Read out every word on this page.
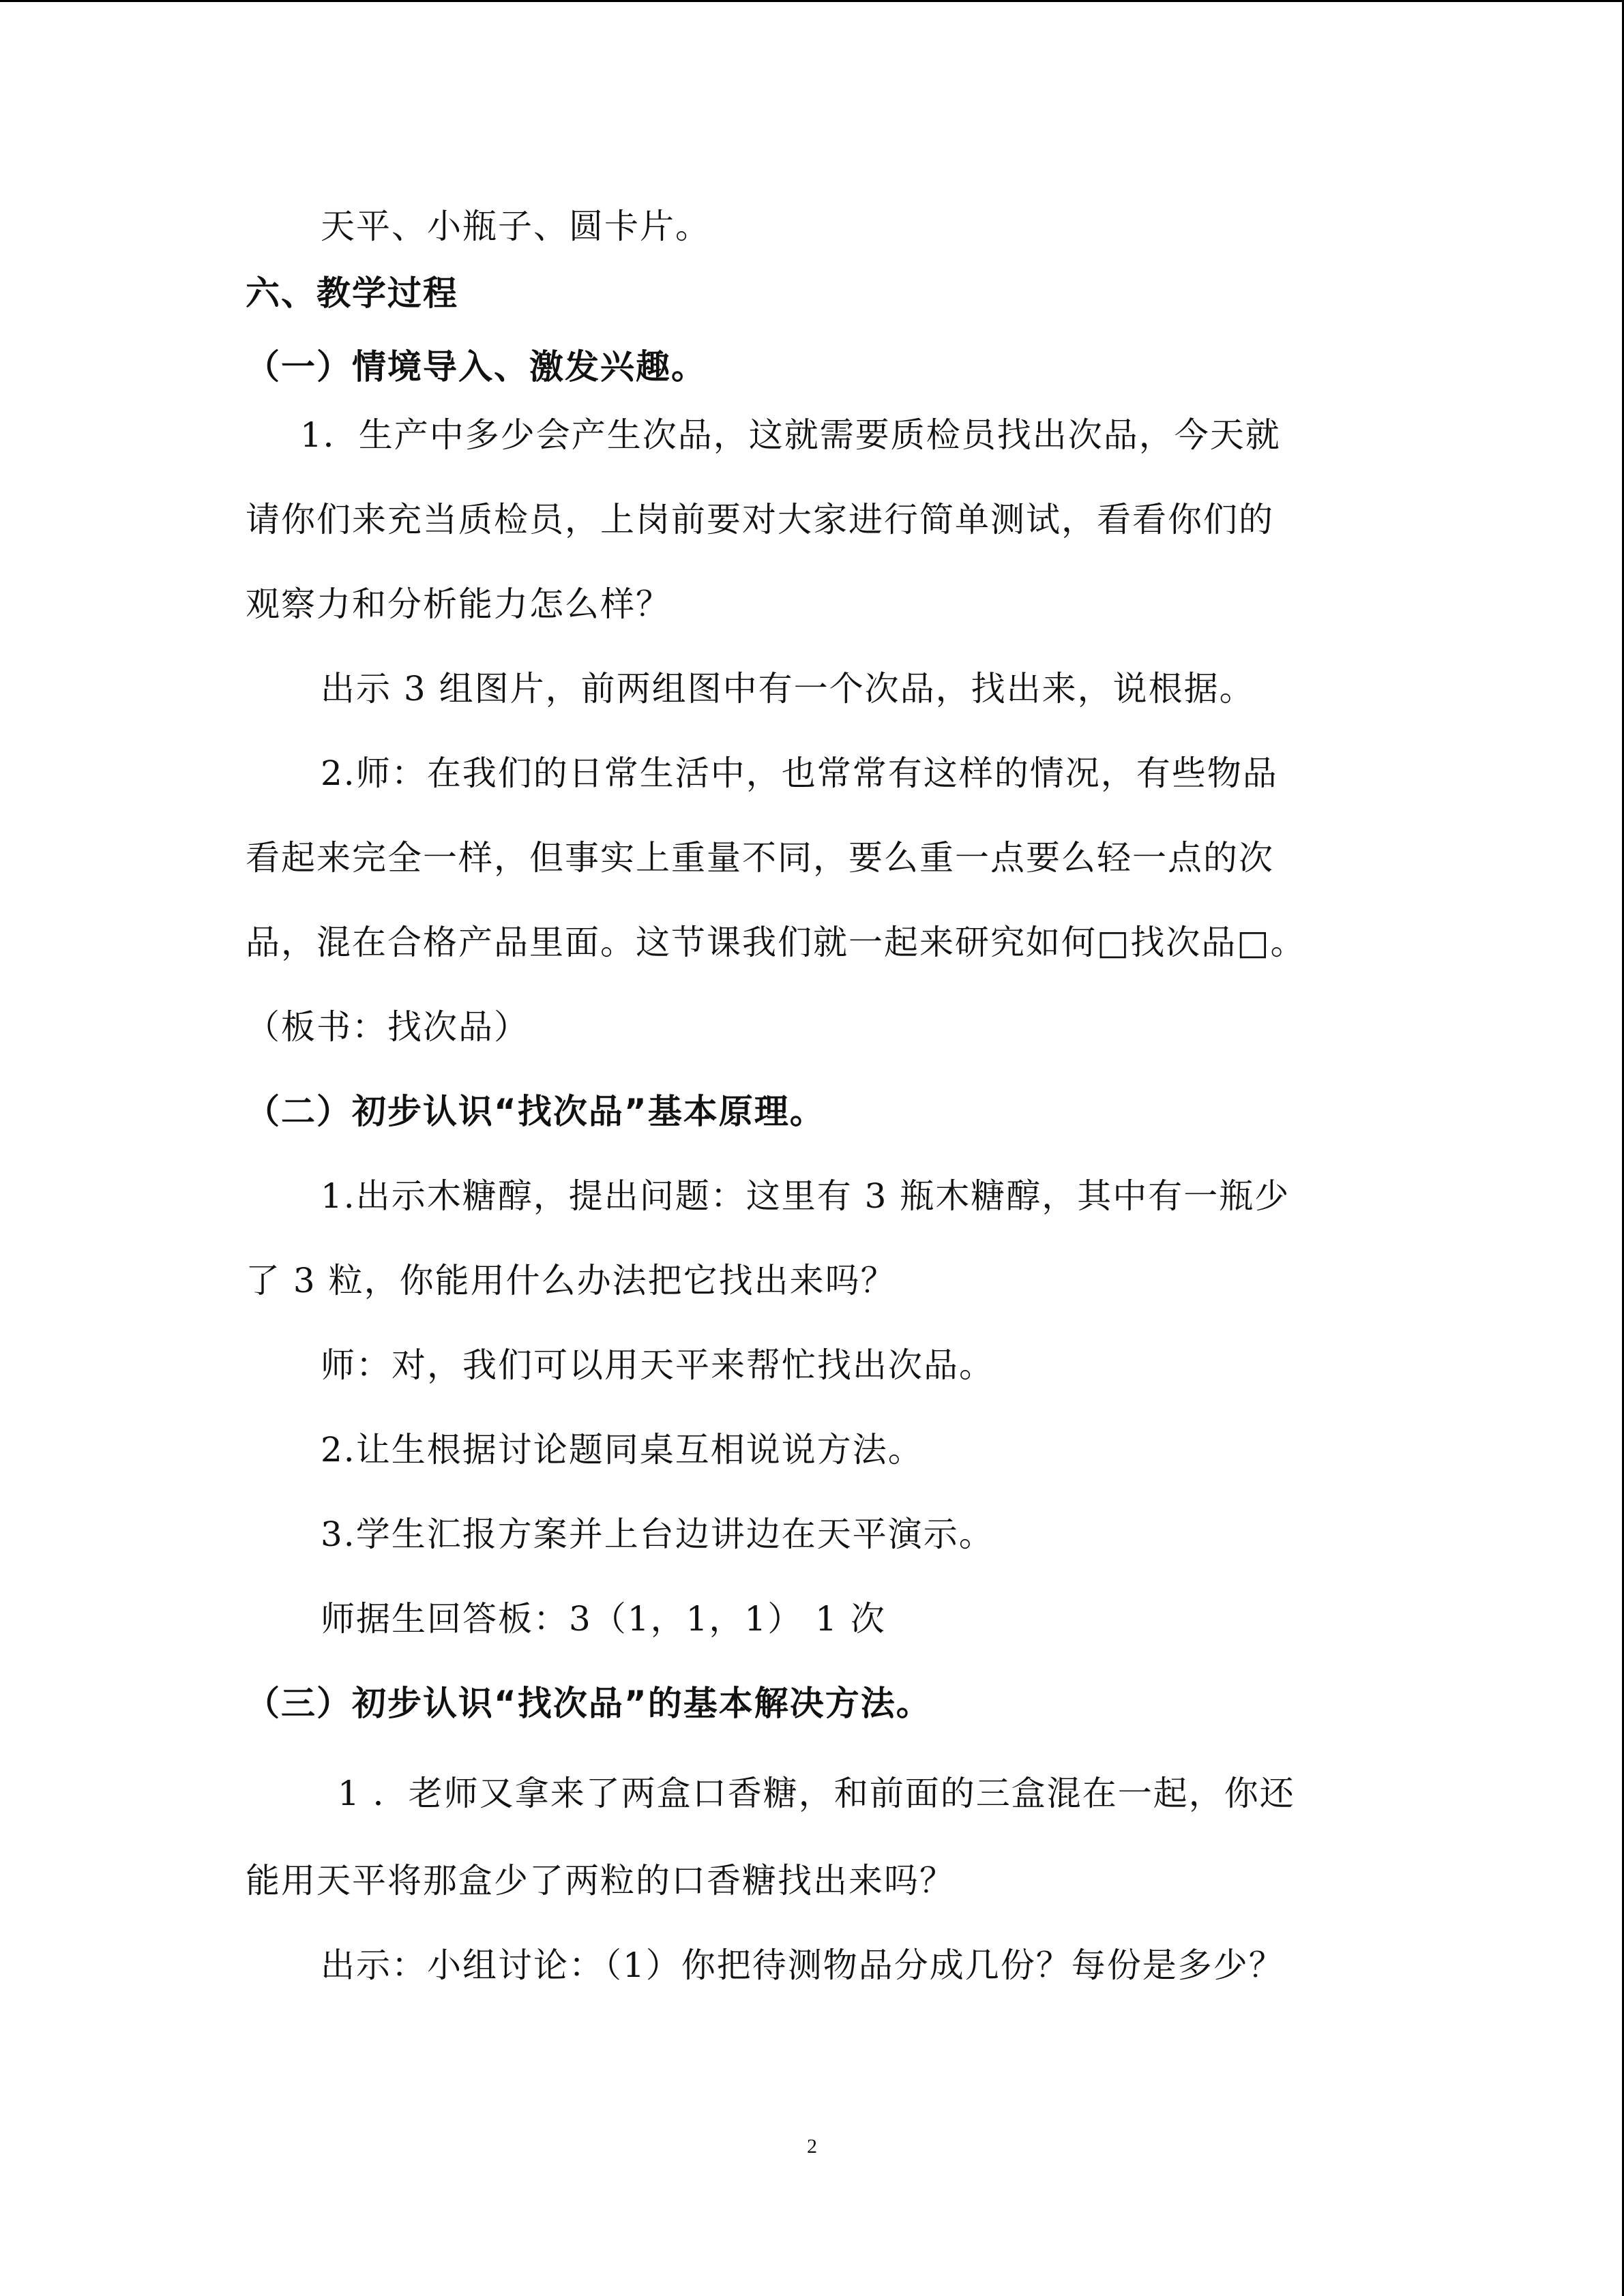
天平、小瓶子、圆卡片。
六、教学过程
（一）情境导入、激发兴趣。
1．生产中多少会产生次品，这就需要质检员找出次品，今天就
请你们来充当质检员，上岗前要对大家进行简单测试，看看你们的
观察力和分析能力怎么样？
出示 3 组图片，前两组图中有一个次品，找出来，说根据。
2.师：在我们的日常生活中，也常常有这样的情况，有些物品
看起来完全一样，但事实上重量不同，要么重一点要么轻一点的次
品，混在合格产品里面。这节课我们就一起来研究如何□找次品□。
（板书：找次品）
（二）初步认识“找次品”基本原理。
1.出示木糖醇，提出问题：这里有 3 瓶木糖醇，其中有一瓶少
了 3 粒，你能用什么办法把它找出来吗？
师：对，我们可以用天平来帮忙找出次品。
2.让生根据讨论题同桌互相说说方法。
3.学生汇报方案并上台边讲边在天平演示。
师据生回答板：3（1，1，1） 1 次
（三）初步认识“找次品”的基本解决方法。
1 ．老师又拿来了两盒口香糖，和前面的三盒混在一起，你还
能用天平将那盒少了两粒的口香糖找出来吗？
出示：小组讨论：（1）你把待测物品分成几份？每份是多少？
2
